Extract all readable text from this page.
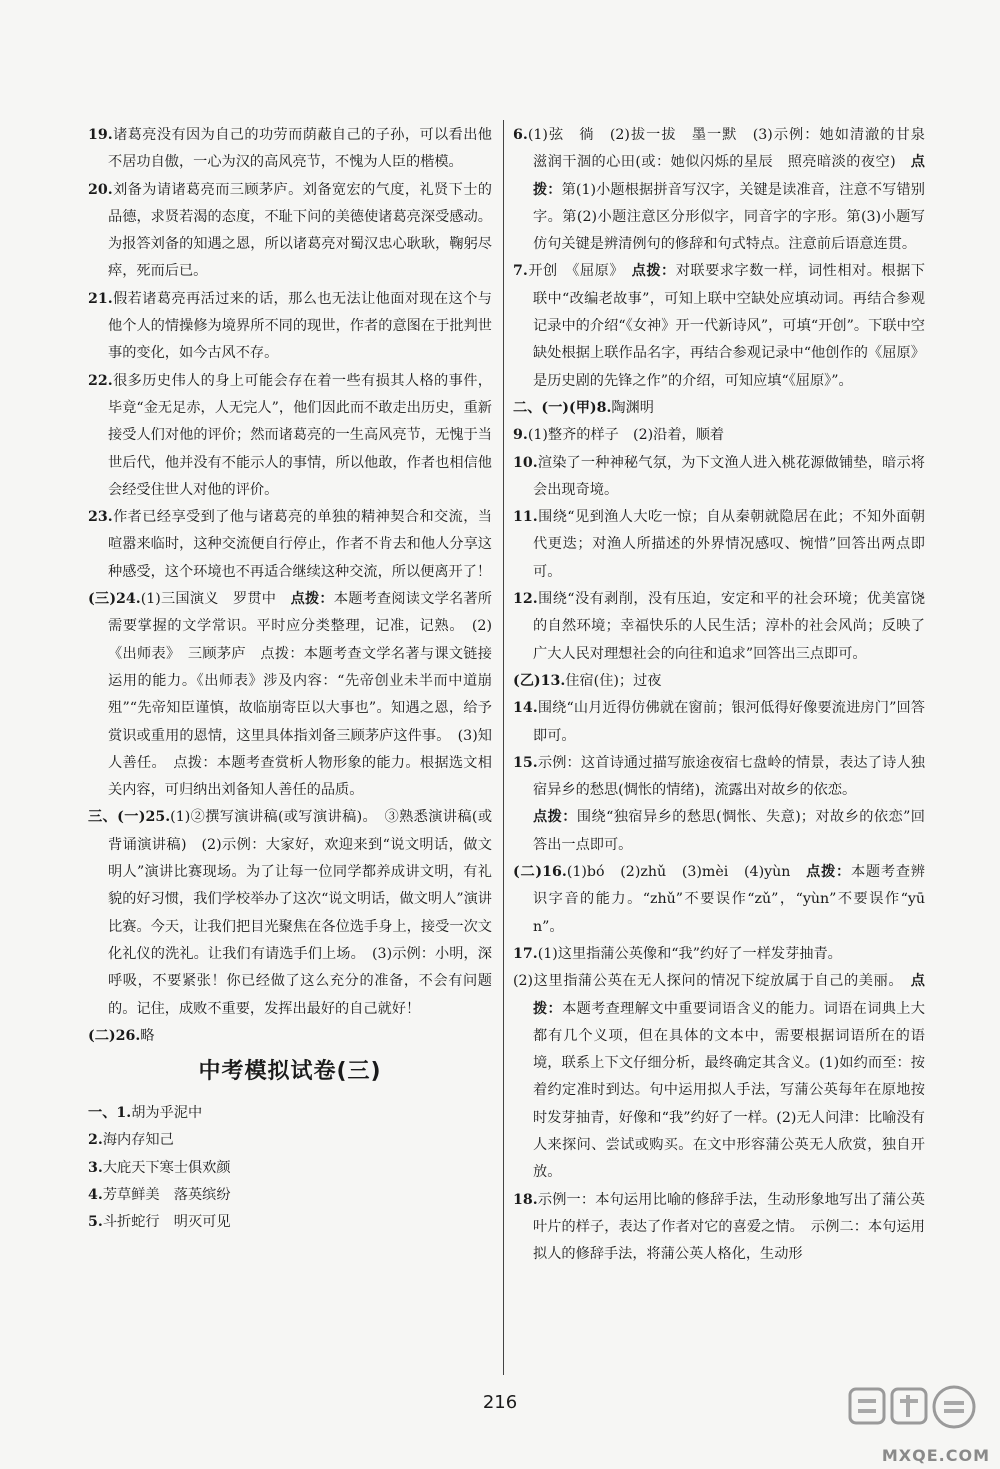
19.诸葛亮没有因为自己的功劳而荫蔽自己的子孙，可以看出他不居功自傲，一心为汉的高风亮节，不愧为人臣的楷模。

20.刘备为请诸葛亮而三顾茅庐。刘备宽宏的气度，礼贤下士的品德，求贤若渴的态度，不耻下问的美德使诸葛亮深受感动。为报答刘备的知遇之恩，所以诸葛亮对蜀汉忠心耿耿，鞠躬尽瘁，死而后已。

21.假若诸葛亮再活过来的话，那么也无法让他面对现在这个与他个人的情操修为境界所不同的现世，作者的意图在于批判世事的变化，如今古风不存。

22.很多历史伟人的身上可能会存在着一些有损其人格的事件，毕竟“金无足赤，人无完人”，他们因此而不敢走出历史，重新接受人们对他的评价；然而诸葛亮的一生高风亮节，无愧于当世后代，他并没有不能示人的事情，所以他敢，作者也相信他会经受住世人对他的评价。

23.作者已经享受到了他与诸葛亮的单独的精神契合和交流，当喧嚣来临时，这种交流便自行停止，作者不肯去和他人分享这种感受，这个环境也不再适合继续这种交流，所以便离开了！

(三)24.(1)三国演义　罗贯中　点拨：本题考查阅读文学名著所需要掌握的文学常识。平时应分类整理，记准，记熟。　(2)《出师表》　三顾茅庐　点拨：本题考查文学名著与课文链接运用的能力。《出师表》涉及内容：“先帝创业未半而中道崩殂”“先帝知臣谨慎，故临崩寄臣以大事也”。知遇之恩，给予赏识或重用的恩情，这里具体指刘备三顾茅庐这件事。　(3)知人善任。　点拨：本题考查赏析人物形象的能力。根据选文相关内容，可归纳出刘备知人善任的品质。

三、(一)25.(1)②撰写演讲稿(或写演讲稿)。　③熟悉演讲稿(或背诵演讲稿)　(2)示例：大家好，欢迎来到“说文明话，做文明人”演讲比赛现场。为了让每一位同学都养成讲文明，有礼貌的好习惯，我们学校举办了这次“说文明话，做文明人”演讲比赛。今天，让我们把目光聚焦在各位选手身上，接受一次文化礼仪的洗礼。让我们有请选手们上场。　(3)示例：小明，深呼吸，不要紧张！你已经做了这么充分的准备，不会有问题的。记住，成败不重要，发挥出最好的自己就好！

(二)26.略

中考模拟试卷(三)

一、1.胡为乎泥中

2.海内存知己

3.大庇天下寒士俱欢颜

4.芳草鲜美　落英缤纷

5.斗折蛇行　明灭可见

6.(1)弦　徜　(2)拔一拔　墨一默　(3)示例：她如清澈的甘泉　滋润干涸的心田(或：她似闪烁的星辰　照亮暗淡的夜空)　点拨：第(1)小题根据拼音写汉字，关键是读准音，注意不写错别字。第(2)小题注意区分形似字，同音字的字形。第(3)小题写仿句关键是辨清例句的修辞和句式特点。注意前后语意连贯。

7.开创　《屈原》　点拨：对联要求字数一样，词性相对。根据下联中“改编老故事”，可知上联中空缺处应填动词。再结合参观记录中的介绍“《女神》开一代新诗风”，可填“开创”。下联中空缺处根据上联作品名字，再结合参观记录中“他创作的《屈原》是历史剧的先锋之作”的介绍，可知应填“《屈原》”。

二、(一)(甲)8.陶渊明

9.(1)整齐的样子　(2)沿着，顺着

10.渲染了一种神秘气氛，为下文渔人进入桃花源做铺垫，暗示将会出现奇境。

11.围绕“见到渔人大吃一惊；自从秦朝就隐居在此；不知外面朝代更迭；对渔人所描述的外界情况感叹、惋惜”回答出两点即可。

12.围绕“没有剥削，没有压迫，安定和平的社会环境；优美富饶的自然环境；幸福快乐的人民生活；淳朴的社会风尚；反映了广大人民对理想社会的向往和追求”回答出三点即可。

(乙)13.住宿(住)；过夜

14.围绕“山月近得仿佛就在窗前；银河低得好像要流进房门”回答即可。

15.示例：这首诗通过描写旅途夜宿七盘岭的情景，表达了诗人独宿异乡的愁思(惆怅的情绪)，流露出对故乡的依恋。
点拨：围绕“独宿异乡的愁思(惆怅、失意)；对故乡的依恋”回答出一点即可。

(二)16.(1)bó　(2)zhǔ　(3)mèi　(4)yùn　点拨：本题考查辨识字音的能力。“zhǔ”不要误作“zǔ”，“yùn”不要误作“yūn”。

17.(1)这里指蒲公英像和“我”约好了一样发芽抽青。

(2)这里指蒲公英在无人探问的情况下绽放属于自己的美丽。　点拨：本题考查理解文中重要词语含义的能力。词语在词典上大都有几个义项，但在具体的文本中，需要根据词语所在的语境，联系上下文仔细分析，最终确定其含义。(1)如约而至：按着约定准时到达。句中运用拟人手法，写蒲公英每年在原地按时发芽抽青，好像和“我”约好了一样。(2)无人问津：比喻没有人来探问、尝试或购买。在文中形容蒲公英无人欣赏，独自开放。

18.示例一：本句运用比喻的修辞手法，生动形象地写出了蒲公英叶片的样子，表达了作者对它的喜爱之情。　示例二：本句运用拟人的修辞手法，将蒲公英人格化，生动形

216
MXQE.COM
